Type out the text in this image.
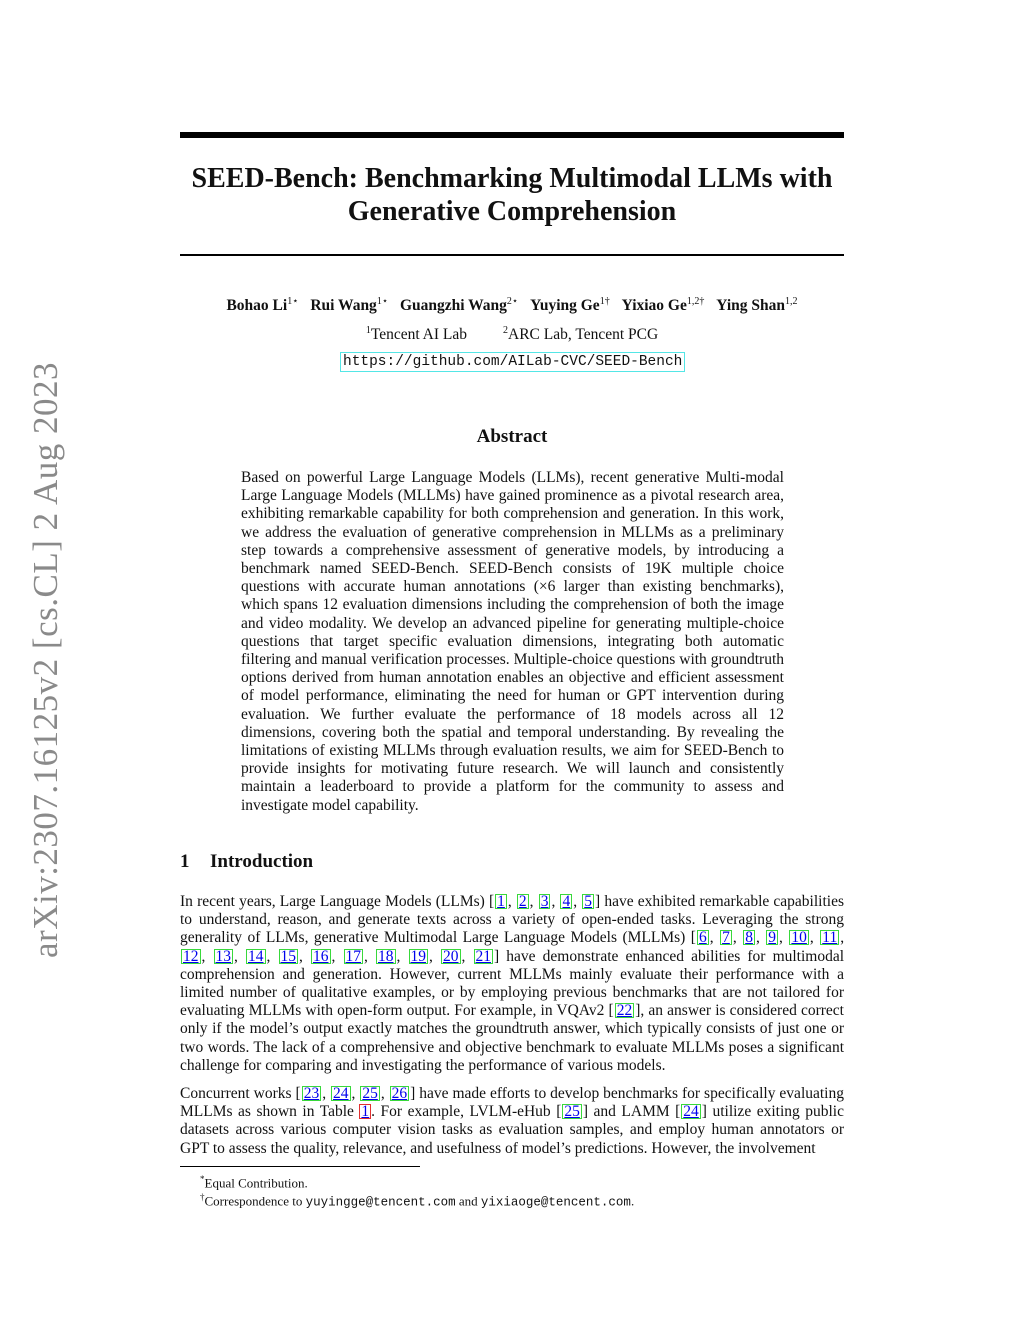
arXiv:2307.16125v2 [cs.CL] 2 Aug 2023
SEED-Bench: Benchmarking Multimodal LLMs with
Generative Comprehension
Bohao $Li^{1⋆}$ Rui Wang$^{1⋆}$ Guangzhi Wang$^{2⋆}$ Yuying $Ge^{1\dagger}$ Yixiao $Ge^{1,2\dagger}$ Ying Shan$^{1,2}$
$^1$Tencent AI Lab	$^2$ARC Lab, Tencent PCG
https://github.com/AILab-CVC/SEED-Bench
Abstract
Based on powerful Large Language Models (LLMs), recent generative Multi-modal Large Language Models (MLLMs) have gained prominence as a pivotal research area, exhibiting remarkable capability for both comprehension and generation. In this work, we address the evaluation of generative comprehension in MLLMs as a preliminary step towards a comprehensive assessment of generative models, by introducing a benchmark named SEED-Bench. SEED-Bench consists of 19K multiple choice questions with accurate human annotations (×6 larger than existing benchmarks), which spans 12 evaluation dimensions including the comprehension of both the image and video modality. We develop an advanced pipeline for generating multiple-choice questions that target specific evaluation dimensions, integrating both automatic filtering and manual verification processes. Multiple-choice questions with groundtruth options derived from human annotation enables an objective and efficient assessment of model performance, eliminating the need for human or GPT intervention during evaluation. We further evaluate the performance of 18 models across all 12 dimensions, covering both the spatial and temporal understanding. By revealing the limitations of existing MLLMs through evaluation results, we aim for SEED-Bench to provide insights for motivating future research. We will launch and consistently maintain a leaderboard to provide a platform for the community to assess and investigate model capability.
1 Introduction

In recent years, Large Language Models (LLMs) [ 1 , 2 , 3 , 4 , 5 ] have exhibited remarkable capabilities to understand, reason, and generate texts across a variety of open-ended tasks. Leveraging the strong generality of LLMs, generative Multimodal Large Language Models (MLLMs) [ 6 , 7 , 8 , 9 , 10 , 11 , 12 , 13 , 14 , 15 , 16 , 17 , 18 , 19 , 20 , 21 ] have demonstrate enhanced abilities for multimodal comprehension and generation. However, current MLLMs mainly evaluate their performance with a limited number of qualitative examples, or by employing previous benchmarks that are not tailored for evaluating MLLMs with open-form output. For example, in VQAv2 [ 22 ], an answer is considered correct only if the model’s output exactly matches the groundtruth answer, which typically consists of just one or two words. The lack of a comprehensive and objective benchmark to evaluate MLLMs poses a significant challenge for comparing and investigating the performance of various models.

Concurrent works [ 23 , 24 , 25 , 26 ] have made efforts to develop benchmarks for specifically evaluating MLLMs as shown in Table 1 . For example, LVLM-eHub [ 25 ] and LAMM [ 24 ] utilize exiting public datasets across various computer vision tasks as evaluation samples, and employ human annotators or GPT to assess the quality, relevance, and usefulness of model’s predictions. However, the involvement

*Equal Contribution.
†Correspondence to yuyingge@tencent.com and yixiaoge@tencent.com.
